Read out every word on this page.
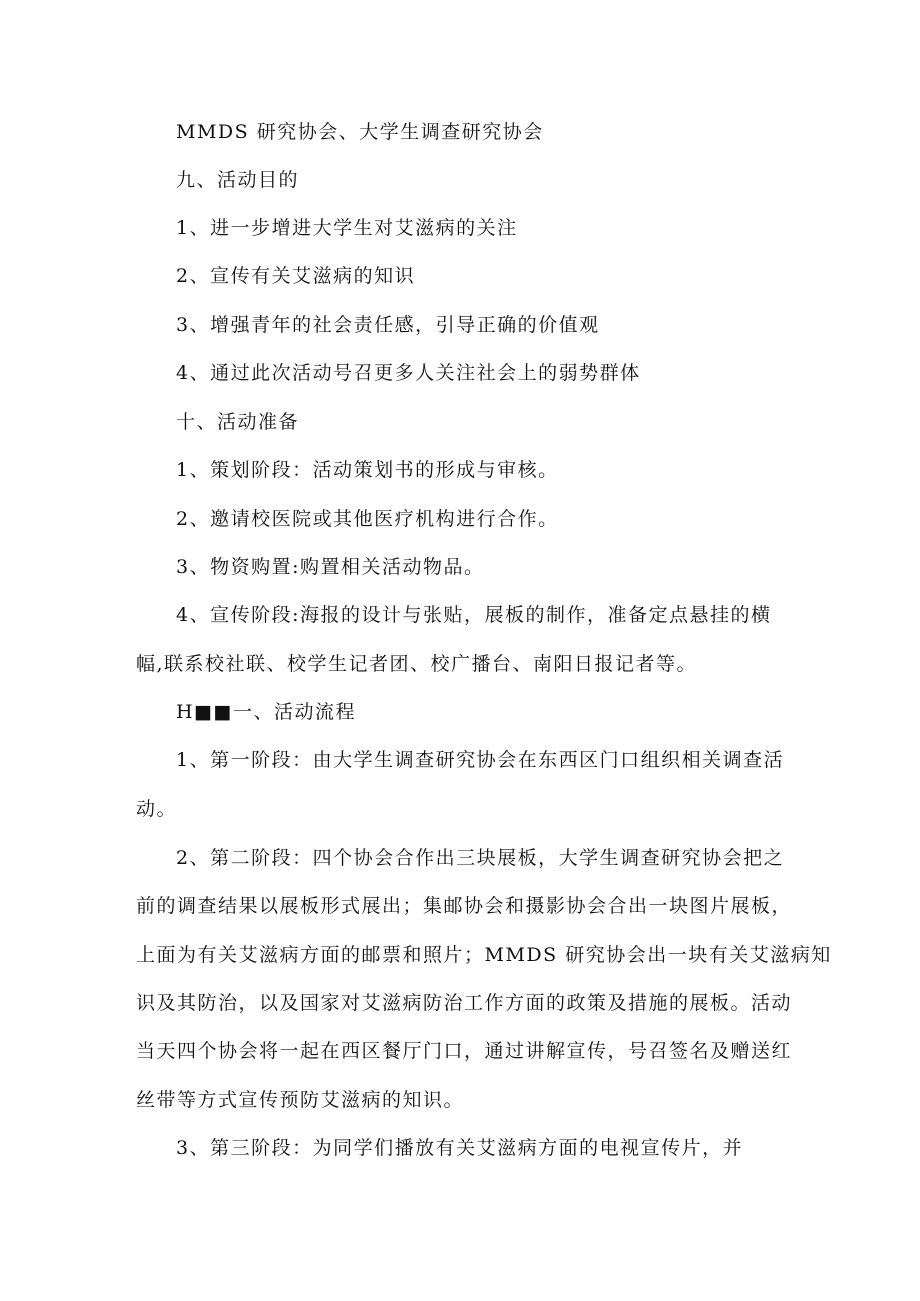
MMDS 研究协会、大学生调查研究协会
九、活动目的
1、进一步增进大学生对艾滋病的关注
2、宣传有关艾滋病的知识
3、增强青年的社会责任感，引导正确的价值观
4、通过此次活动号召更多人关注社会上的弱势群体
十、活动准备
1、策划阶段：活动策划书的形成与审核。
2、邀请校医院或其他医疗机构进行合作。
3、物资购置:购置相关活动物品。
4、宣传阶段:海报的设计与张贴，展板的制作，准备定点悬挂的横
幅,联系校社联、校学生记者团、校广播台、南阳日报记者等。
H■■一、活动流程
1、第一阶段：由大学生调查研究协会在东西区门口组织相关调查活
动。
2、第二阶段：四个协会合作出三块展板，大学生调查研究协会把之
前的调查结果以展板形式展出；集邮协会和摄影协会合出一块图片展板，
上面为有关艾滋病方面的邮票和照片；MMDS 研究协会出一块有关艾滋病知
识及其防治，以及国家对艾滋病防治工作方面的政策及措施的展板。活动
当天四个协会将一起在西区餐厅门口，通过讲解宣传，号召签名及赠送红
丝带等方式宣传预防艾滋病的知识。
3、第三阶段：为同学们播放有关艾滋病方面的电视宣传片，并
